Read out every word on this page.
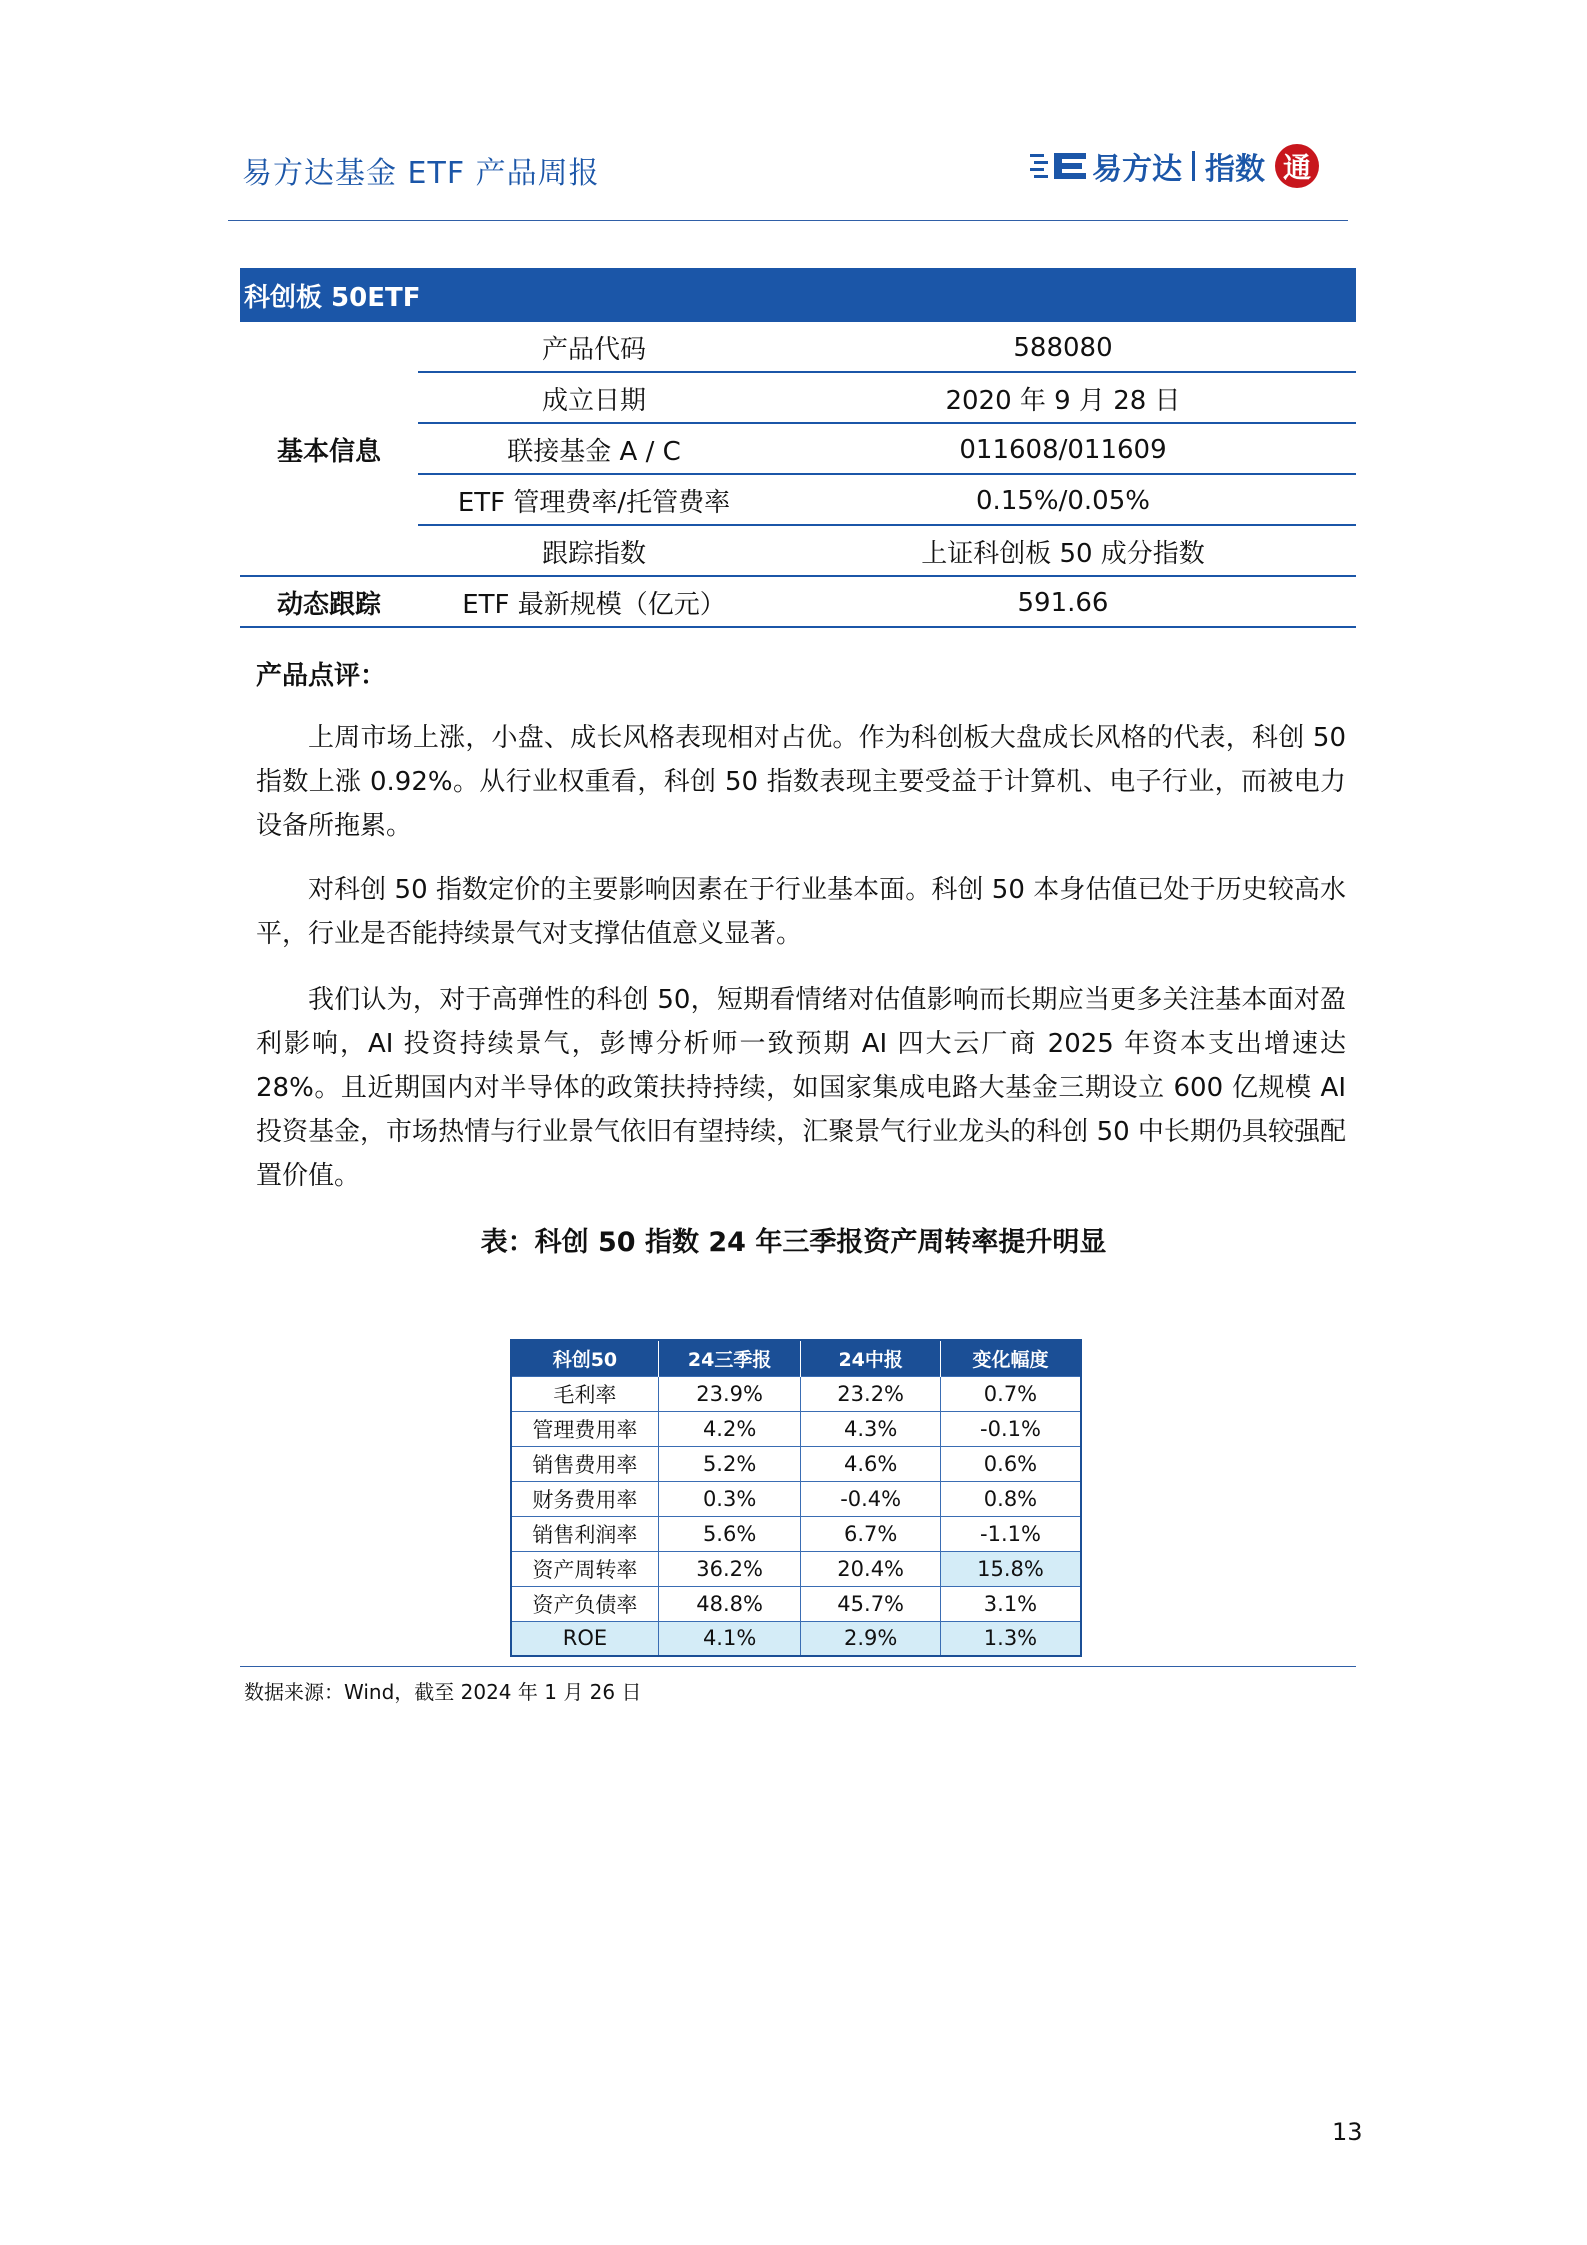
易方达基金 ETF 产品周报	易方达 指数 通
科创板 50ETF
产品代码	588080
成立日期	2020 年 9 月 28 日
基本信息	联接基金 A / C	011608/011609
ETF 管理费率/托管费率	0.15%/0.05%
跟踪指数	上证科创板 50 成分指数
动态跟踪	ETF 最新规模（亿元）	591.66
产品点评：

上周市场上涨，小盘、成长风格表现相对占优。作为科创板大盘成长风格的代表，科创 50 指数上涨 0.92%。从行业权重看，科创 50 指数表现主要受益于计算机、电子行业，而被电力设备所拖累。

对科创 50 指数定价的主要影响因素在于行业基本面。科创 50 本身估值已处于历史较高水平，行业是否能持续景气对支撑估值意义显著。

我们认为，对于高弹性的科创 50，短期看情绪对估值影响而长期应当更多关注基本面对盈利影响，AI 投资持续景气，彭博分析师一致预期 AI 四大云厂商 2025 年资本支出增速达 28%。且近期国内对半导体的政策扶持持续，如国家集成电路大基金三期设立 600 亿规模 AI 投资基金，市场热情与行业景气依旧有望持续，汇聚景气行业龙头的科创 50 中长期仍具较强配置价值。

表：科创 50 指数 24 年三季报资产周转率提升明显
科创50	24三季报	24中报	变化幅度
毛利率	23.9%	23.2%	0.7%
管理费用率	4.2%	4.3%	-0.1%
销售费用率	5.2%	4.6%	0.6%
财务费用率	0.3%	-0.4%	0.8%
销售利润率	5.6%	6.7%	-1.1%
资产周转率	36.2%	20.4%	15.8%
资产负债率	48.8%	45.7%	3.1%
ROE	4.1%	2.9%	1.3%
数据来源：Wind，截至 2024 年 1 月 26 日
13
